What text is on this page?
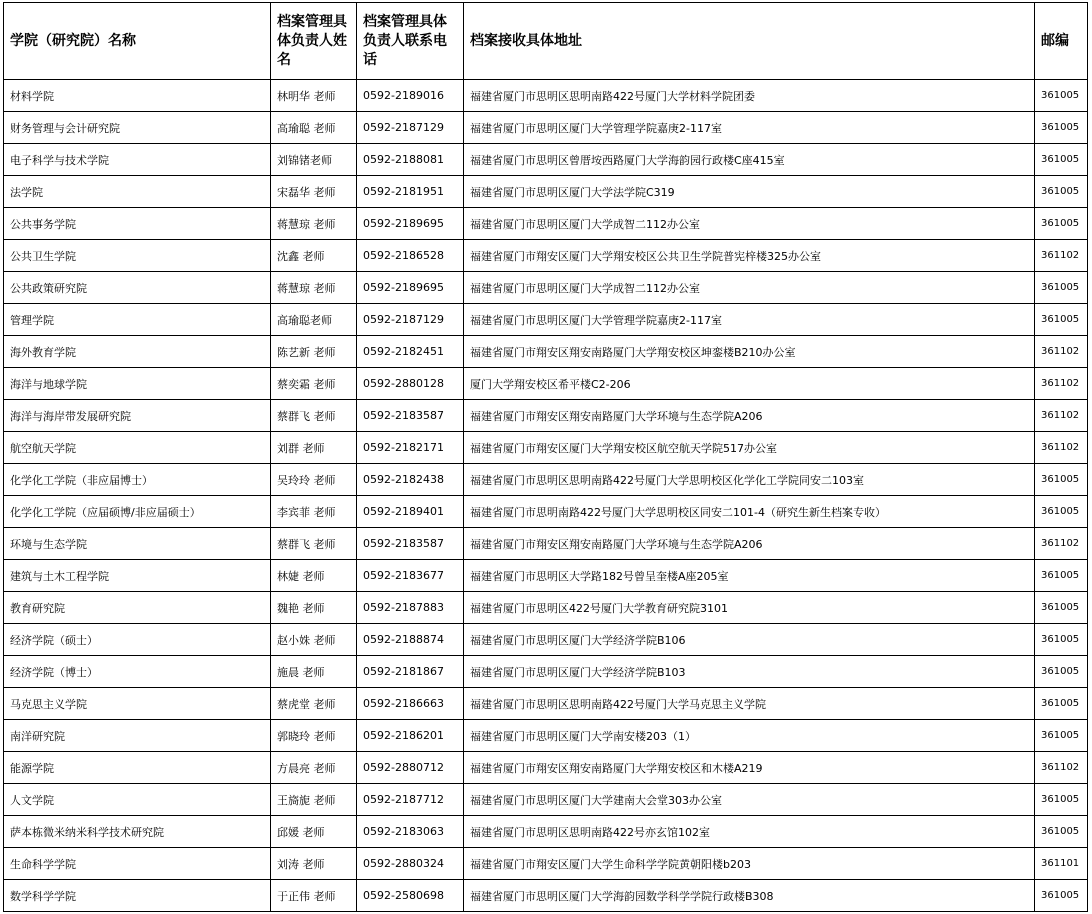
学院（研究院）名称	档案管理具体负责人姓名	档案管理具体负责人联系电话	档案接收具体地址	邮编
材料学院	林明华 老师	0592-2189016	福建省厦门市思明区思明南路422号厦门大学材料学院团委	361005
财务管理与会计研究院	高瑜聪 老师	0592-2187129	福建省厦门市思明区厦门大学管理学院嘉庚2-117室	361005
电子科学与技术学院	刘锦锗老师	0592-2188081	福建省厦门市思明区曾厝垵西路厦门大学海韵园行政楼C座415室	361005
法学院	宋磊华 老师	0592-2181951	福建省厦门市思明区厦门大学法学院C319	361005
公共事务学院	蒋慧琼 老师	0592-2189695	福建省厦门市思明区厦门大学成智二112办公室	361005
公共卫生学院	沈鑫 老师	0592-2186528	福建省厦门市翔安区厦门大学翔安校区公共卫生学院普宪梓楼325办公室	361102
公共政策研究院	蒋慧琼 老师	0592-2189695	福建省厦门市思明区厦门大学成智二112办公室	361005
管理学院	高瑜聪老师	0592-2187129	福建省厦门市思明区厦门大学管理学院嘉庚2-117室	361005
海外教育学院	陈艺新 老师	0592-2182451	福建省厦门市翔安区翔安南路厦门大学翔安校区坤銮楼B210办公室	361102
海洋与地球学院	蔡奕霜 老师	0592-2880128	厦门大学翔安校区希平楼C2-206	361102
海洋与海岸带发展研究院	蔡群飞 老师	0592-2183587	福建省厦门市翔安区翔安南路厦门大学环境与生态学院A206	361102
航空航天学院	刘群 老师	0592-2182171	福建省厦门市翔安区厦门大学翔安校区航空航天学院517办公室	361102
化学化工学院（非应届博士）	吴玲玲 老师	0592-2182438	福建省厦门市思明区思明南路422号厦门大学思明校区化学化工学院同安二103室	361005
化学化工学院（应届硕博/非应届硕士）	李宾菲 老师	0592-2189401	福建省厦门市思明南路422号厦门大学思明校区同安二101-4（研究生新生档案专收）	361005
环境与生态学院	蔡群飞 老师	0592-2183587	福建省厦门市翔安区翔安南路厦门大学环境与生态学院A206	361102
建筑与土木工程学院	林婕 老师	0592-2183677	福建省厦门市思明区大学路182号曾呈奎楼A座205室	361005
教育研究院	魏艳 老师	0592-2187883	福建省厦门市思明区422号厦门大学教育研究院3101	361005
经济学院（硕士）	赵小姝 老师	0592-2188874	福建省厦门市思明区厦门大学经济学院B106	361005
经济学院（博士）	施晨 老师	0592-2181867	福建省厦门市思明区厦门大学经济学院B103	361005
马克思主义学院	蔡虎堂 老师	0592-2186663	福建省厦门市思明区思明南路422号厦门大学马克思主义学院	361005
南洋研究院	郭晓玲 老师	0592-2186201	福建省厦门市思明区厦门大学南安楼203（1）	361005
能源学院	方晨亮 老师	0592-2880712	福建省厦门市翔安区翔安南路厦门大学翔安校区和木楼A219	361102
人文学院	王旖旎 老师	0592-2187712	福建省厦门市思明区厦门大学建南大会堂303办公室	361005
萨本栋微米纳米科学技术研究院	邱媛 老师	0592-2183063	福建省厦门市思明区思明南路422号亦玄馆102室	361005
生命科学学院	刘涛 老师	0592-2880324	福建省厦门市翔安区厦门大学生命科学学院黄朝阳楼b203	361101
数学科学学院	于正伟 老师	0592-2580698	福建省厦门市思明区厦门大学海韵园数学科学学院行政楼B308	361005
